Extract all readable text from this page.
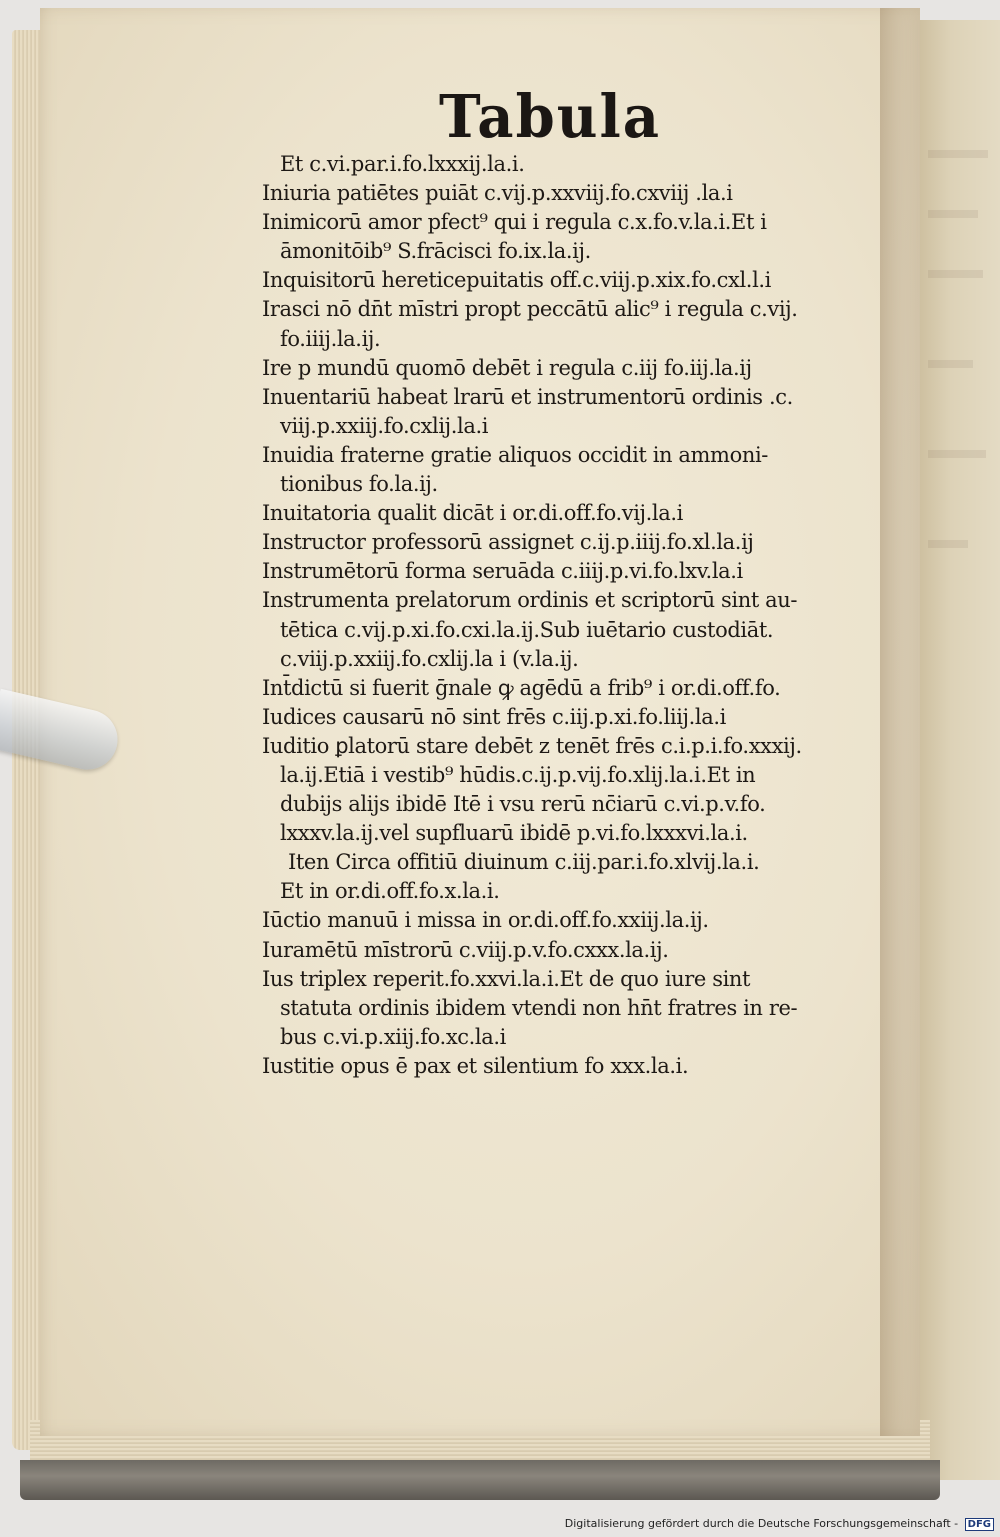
Tabula
Et c.vi.par.i.fo.lxxxij.la.i.
Iniuria patiētes puiāt c.vij.p.xxviij.fo.cxviij .la.i
Inimicorū amor pfect⁹ qui i regula c.x.fo.v.la.i.Et i
āmonitōib⁹ S.frācisci fo.ix.la.ij.
Inquisitorū hereticepuitatis off.c.viij.p.xix.fo.cxl.l.i
Irasci nō dn̄t mīstri propt peccātū alic⁹ i regula c.vij.
fo.iiij.la.ij.
Ire p mundū quomō debēt i regula c.iij fo.iij.la.ij
Inuentariū habeat lrarū et instrumentorū ordinis .c.
viij.p.xxiij.fo.cxlij.la.i
Inuidia fraterne gratie aliquos occidit in ammoni-
tionibus fo.la.ij.
Inuitatoria qualit dicāt i or.di.off.fo.vij.la.i
Instructor professorū assignet c.ij.p.iiij.fo.xl.la.ij
Instrumētorū forma seruāda c.iiij.p.vi.fo.lxv.la.i
Instrumenta prelatorum ordinis et scriptorū sint au-
tētica c.vij.p.xi.fo.cxi.la.ij.Sub iuētario custodiāt.
c.viij.p.xxiij.fo.cxlij.la i (v.la.ij.
Int̄dictū si fuerit ḡnale ꝙ agēdū a frib⁹ i or.di.off.fo.
Iudices causarū nō sint frēs c.iij.p.xi.fo.liij.la.i
Iuditio ꝑlatorū stare debēt z tenēt frēs c.i.p.i.fo.xxxij.
la.ij.Etiā i vestib⁹ hūdis.c.ij.p.vij.fo.xlij.la.i.Et in
dubijs alijs ibidē Itē i vsu rerū nc̄iarū c.vi.p.v.fo.
lxxxv.la.ij.vel supfluarū ibidē p.vi.fo.lxxxvi.la.i.
Iten Circa offitiū diuinum c.iij.par.i.fo.xlvij.la.i.
Et in or.di.off.fo.x.la.i.
Iūctio manuū i missa in or.di.off.fo.xxiij.la.ij.
Iuramētū mīstrorū c.viij.p.v.fo.cxxx.la.ij.
Ius triplex reperit.fo.xxvi.la.i.Et de quo iure sint
statuta ordinis ibidem vtendi non hn̄t fratres in re-
bus c.vi.p.xiij.fo.xc.la.i
Iustitie opus ē pax et silentium fo xxx.la.i.
Digitalisierung gefördert durch die Deutsche Forschungsgemeinschaft - DFG
